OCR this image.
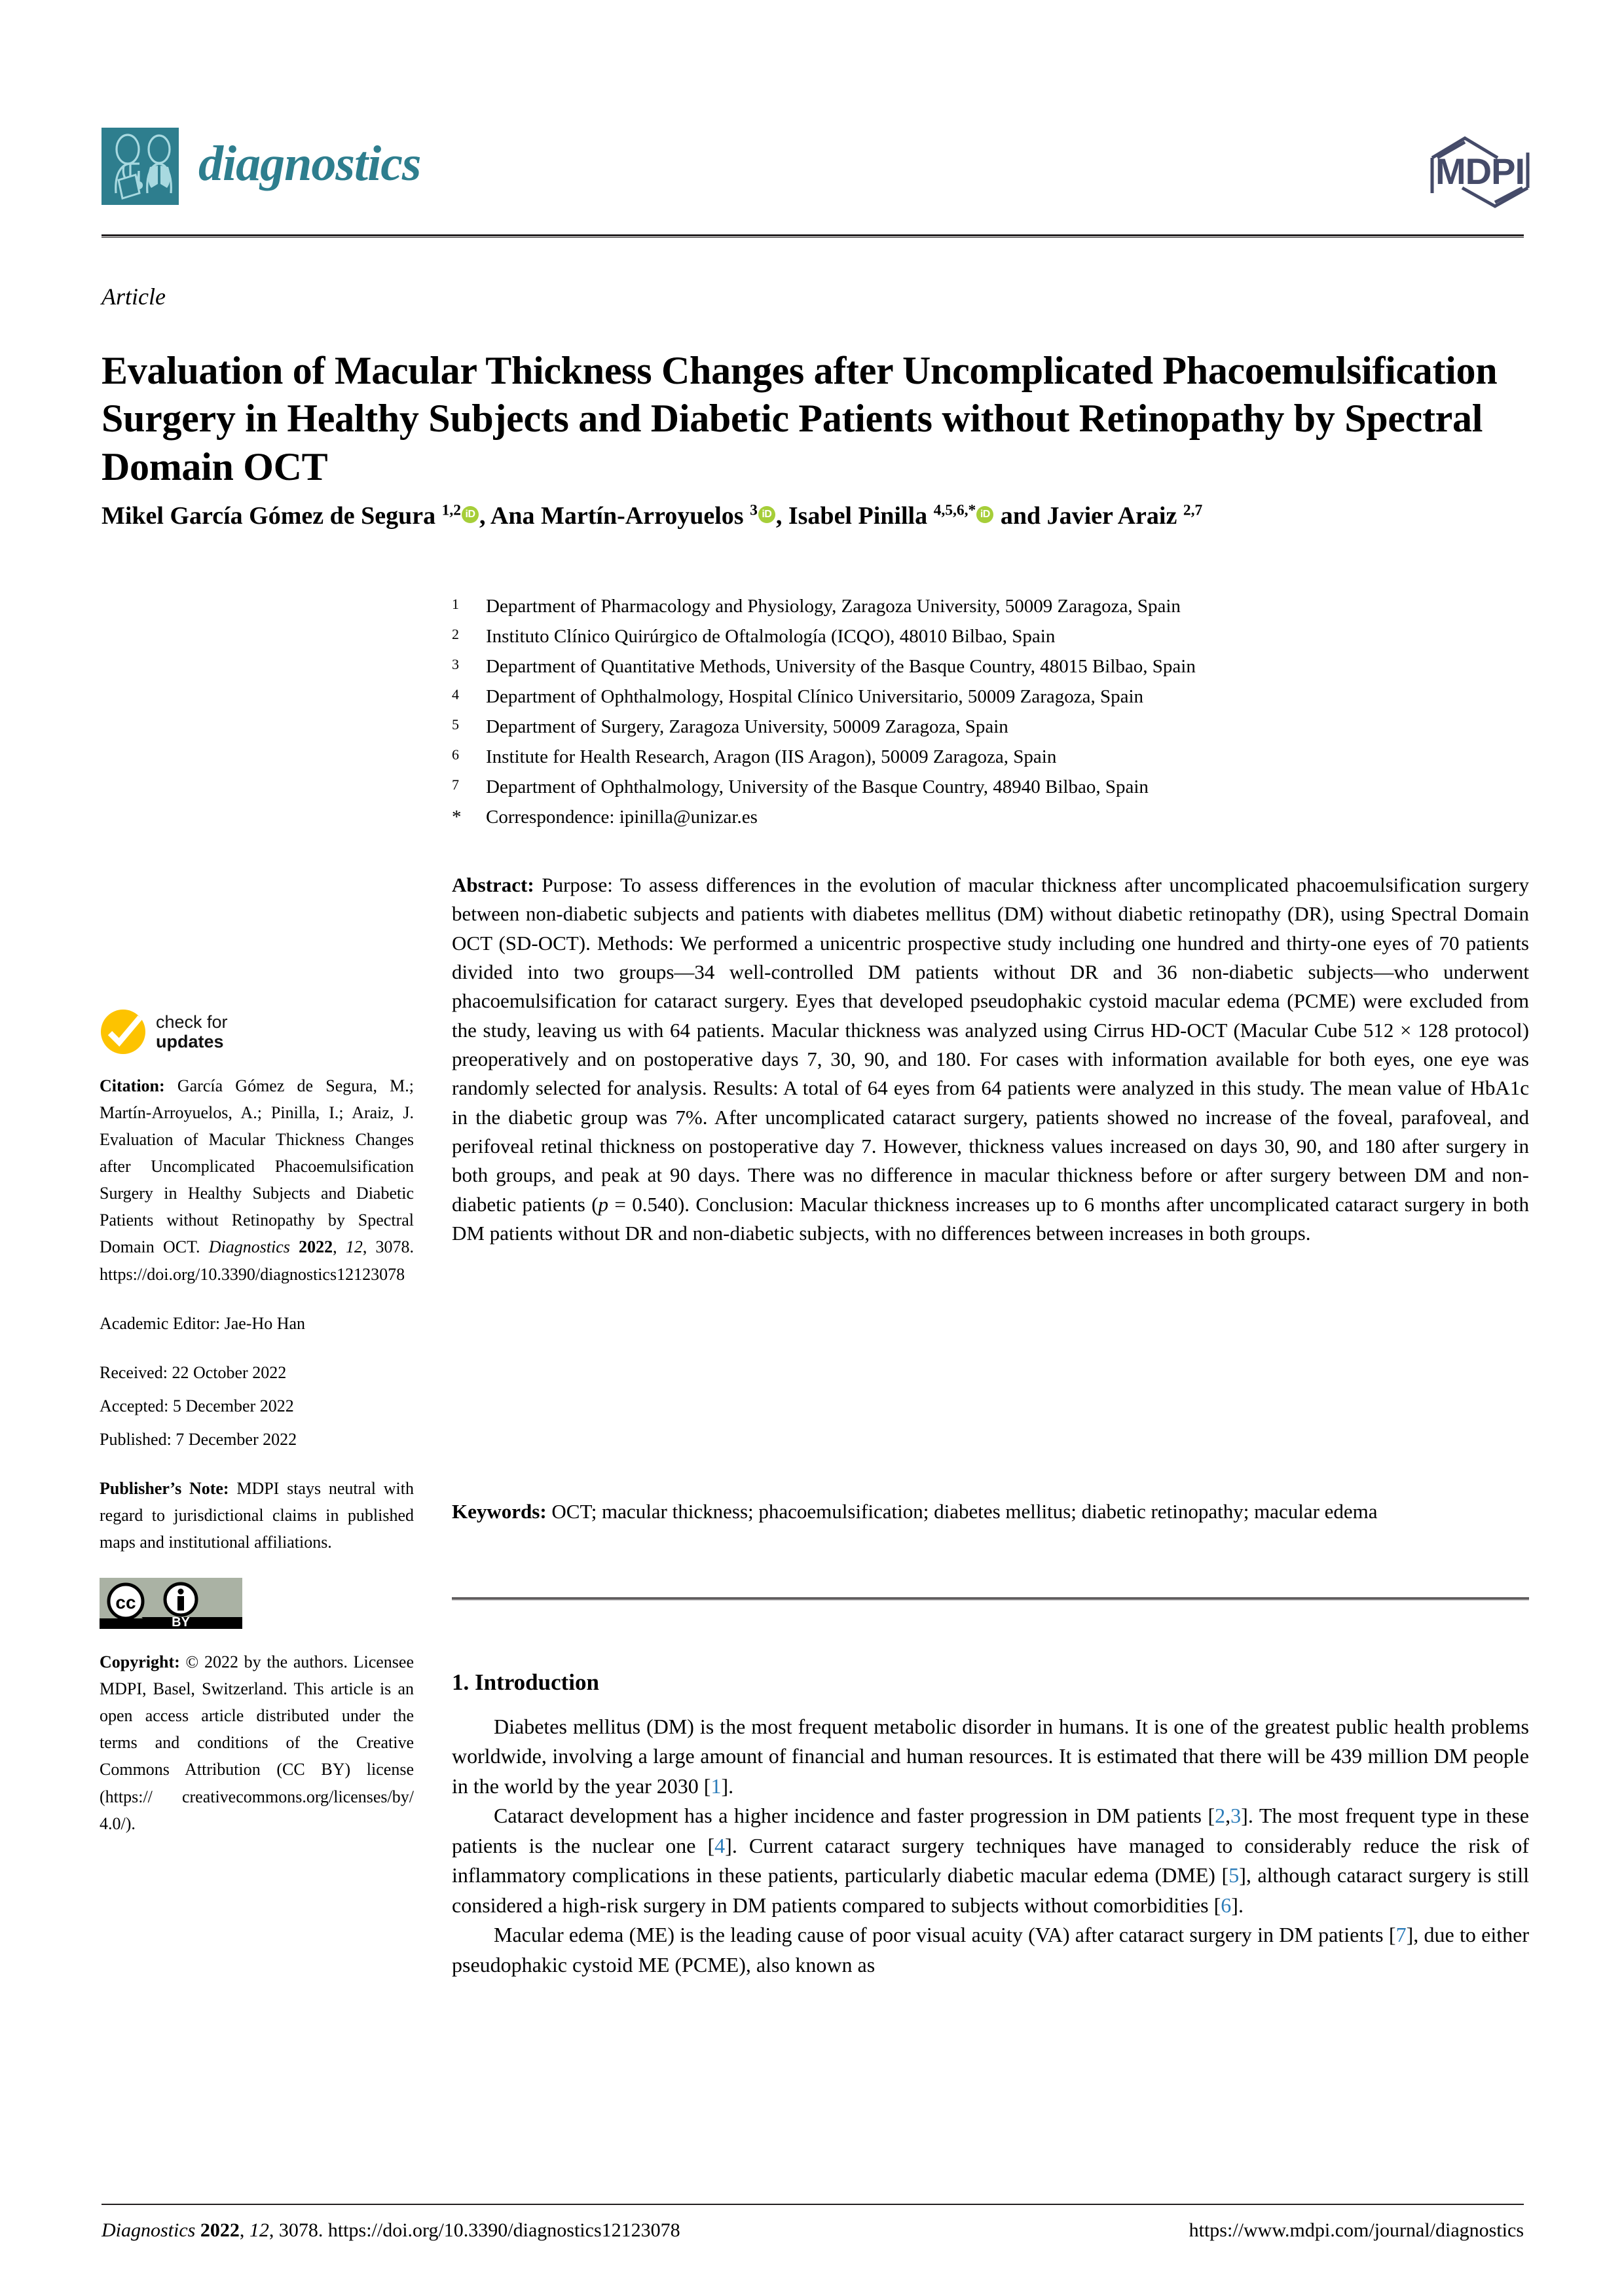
diagnostics	MDPI
Article
Evaluation of Macular Thickness Changes after Uncomplicated Phacoemulsification Surgery in Healthy Subjects and Diabetic Patients without Retinopathy by Spectral Domain OCT
Mikel García Gómez de Segura $^{1,2}$ iD , Ana Martín-Arroyuelos $^3$ iD , Isabel Pinilla $^{4,5,6,*}$ iD and Javier Araiz $^{2,7}$
1	Department of Pharmacology and Physiology, Zaragoza University, 50009 Zaragoza, Spain
2	Instituto Clínico Quirúrgico de Oftalmología (ICQO), 48010 Bilbao, Spain
3	Department of Quantitative Methods, University of the Basque Country, 48015 Bilbao, Spain
4	Department of Ophthalmology, Hospital Clínico Universitario, 50009 Zaragoza, Spain
5	Department of Surgery, Zaragoza University, 50009 Zaragoza, Spain
6	Institute for Health Research, Aragon (IIS Aragon), 50009 Zaragoza, Spain
7	Department of Ophthalmology, University of the Basque Country, 48940 Bilbao, Spain
*	Correspondence: ipinilla@unizar.es
Abstract: Purpose: To assess differences in the evolution of macular thickness after uncomplicated phacoemulsification surgery between non-diabetic subjects and patients with diabetes mellitus (DM) without diabetic retinopathy (DR), using Spectral Domain OCT (SD-OCT). Methods: We performed a unicentric prospective study including one hundred and thirty-one eyes of 70 patients divided into two groups—34 well-controlled DM patients without DR and 36 non-diabetic subjects—who underwent phacoemulsification for cataract surgery. Eyes that developed pseudophakic cystoid macular edema (PCME) were excluded from the study, leaving us with 64 patients. Macular thickness was analyzed using Cirrus HD-OCT (Macular Cube 512 × 128 protocol) preoperatively and on postoperative days 7, 30, 90, and 180. For cases with information available for both eyes, one eye was randomly selected for analysis. Results: A total of 64 eyes from 64 patients were analyzed in this study. The mean value of HbA1c in the diabetic group was 7%. After uncomplicated cataract surgery, patients showed no increase of the foveal, parafoveal, and perifoveal retinal thickness on postoperative day 7. However, thickness values increased on days 30, 90, and 180 after surgery in both groups, and peak at 90 days. There was no difference in macular thickness before or after surgery between DM and non-diabetic patients (p = 0.540). Conclusion: Macular thickness increases up to 6 months after uncomplicated cataract surgery in both DM patients without DR and non-diabetic subjects, with no differences between increases in both groups.
Keywords: OCT; macular thickness; phacoemulsification; diabetes mellitus; diabetic retinopathy; macular edema
1. Introduction

Diabetes mellitus (DM) is the most frequent metabolic disorder in humans. It is one of the greatest public health problems worldwide, involving a large amount of financial and human resources. It is estimated that there will be 439 million DM people in the world by the year 2030 [1].

Cataract development has a higher incidence and faster progression in DM patients [2,3]. The most frequent type in these patients is the nuclear one [4]. Current cataract surgery techniques have managed to considerably reduce the risk of inflammatory complications in these patients, particularly diabetic macular edema (DME) [5], although cataract surgery is still considered a high-risk surgery in DM patients compared to subjects without comorbidities [6].

Macular edema (ME) is the leading cause of poor visual acuity (VA) after cataract surgery in DM patients [7], due to either pseudophakic cystoid ME (PCME), also known as

check for
updates
Citation: García Gómez de Segura, M.; Martín-Arroyuelos, A.; Pinilla, I.; Araiz, J. Evaluation of Macular Thickness Changes after Uncomplicated Phacoemulsification Surgery in Healthy Subjects and Diabetic Patients without Retinopathy by Spectral Domain OCT. Diagnostics 2022, 12, 3078. https://doi.org/10.3390/diagnostics12123078
Academic Editor: Jae-Ho Han
Received: 22 October 2022
Accepted: 5 December 2022
Published: 7 December 2022
Publisher’s Note: MDPI stays neutral with regard to jurisdictional claims in published maps and institutional affiliations.
cc
BY
Copyright: © 2022 by the authors. Licensee MDPI, Basel, Switzerland. This article is an open access article distributed under the terms and conditions of the Creative Commons Attribution (CC BY) license (https:// creativecommons.org/licenses/by/ 4.0/).
Diagnostics 2022, 12, 3078. https://doi.org/10.3390/diagnostics12123078	https://www.mdpi.com/journal/diagnostics
